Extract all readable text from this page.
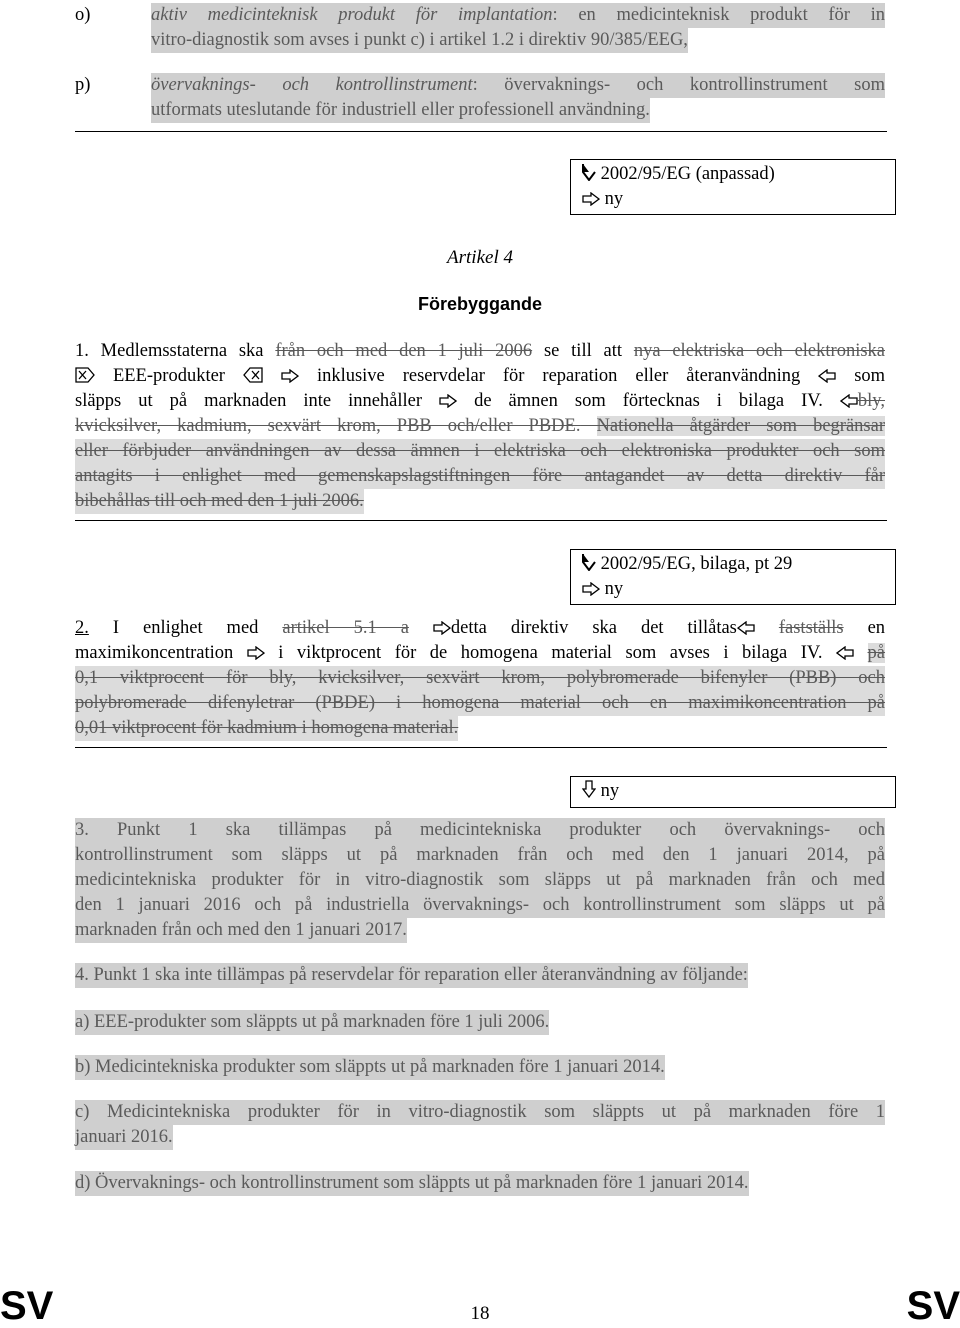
o)	aktiv medicinteknisk produkt för implantation: en medicinteknisk produkt för in
vitro-diagnostik som avses i punkt c) i artikel 1.2 i direktiv 90/385/EEG,
p)	övervaknings- och kontrollinstrument: övervaknings- och kontrollinstrument som
utformats uteslutande för industriell eller professionell användning.
2002/95/EG (anpassad)
ny
Artikel 4
Förebyggande
1. Medlemsstaterna ska från och med den 1 juli 2006 se till att nya elektriska och elektroniska
EEE-produkter	inklusive reservdelar för reparation eller återanvändning	som
släpps ut på marknaden inte innehåller	de ämnen som förtecknas i bilaga IV. bly,
kvicksilver, kadmium, sexvärt krom, PBB och/eller PBDE. Nationella åtgärder som begränsar
eller förbjuder användningen av dessa ämnen i elektriska och elektroniska produkter och som
antagits i enlighet med gemenskapslagstiftningen före antagandet av detta direktiv får
bibehållas till och med den 1 juli 2006.
2002/95/EG, bilaga, pt 29
ny
2. I enlighet med artikel 5.1 a detta direktiv ska det tillåtas fastställs en
maximikoncentration i viktprocent för de homogena material som avses i bilaga IV. på
0,1 viktprocent för bly, kvicksilver, sexvärt krom, polybromerade bifenyler (PBB) och
polybromerade difenyletrar (PBDE) i homogena material och en maximikoncentration på
0,01 viktprocent för kadmium i homogena material.
ny
3. Punkt 1 ska tillämpas på medicintekniska produkter och övervaknings- och
kontrollinstrument som släpps ut på marknaden från och med den 1 januari 2014, på
medicintekniska produkter för in vitro-diagnostik som släpps ut på marknaden från och med
den 1 januari 2016 och på industriella övervaknings- och kontrollinstrument som släpps ut på
marknaden från och med den 1 januari 2017.
4. Punkt 1 ska inte tillämpas på reservdelar för reparation eller återanvändning av följande:
a) EEE-produkter som släppts ut på marknaden före 1 juli 2006.
b) Medicintekniska produkter som släppts ut på marknaden före 1 januari 2014.
c) Medicintekniska produkter för in vitro-diagnostik som släppts ut på marknaden före 1
januari 2016.
d) Övervaknings- och kontrollinstrument som släppts ut på marknaden före 1 januari 2014.
SV	18	SV
